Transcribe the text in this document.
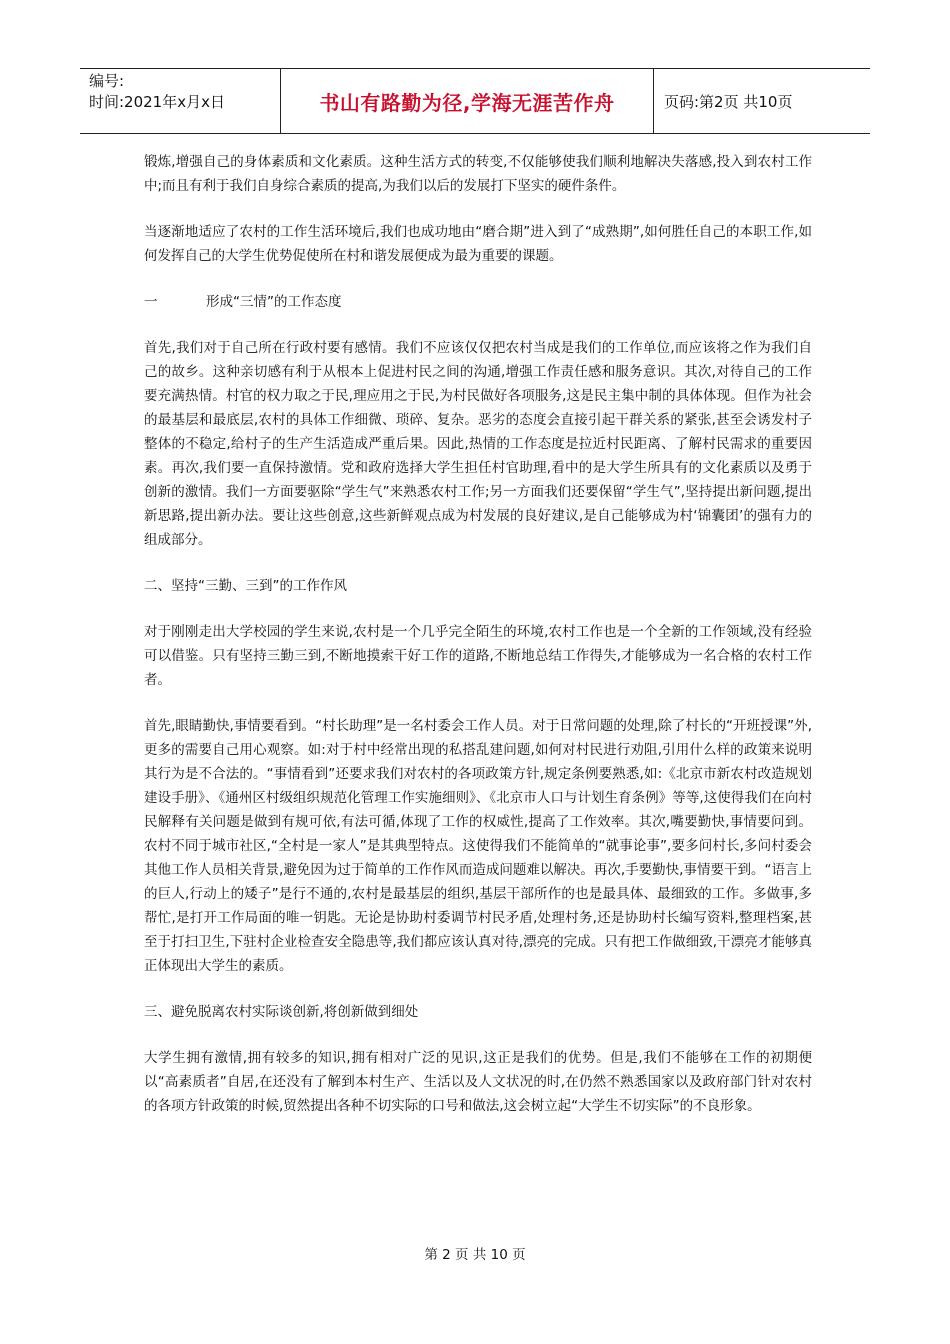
编号:
时间:2021年x月x日	书山有路勤为径,学海无涯苦作舟	页码:第2页 共10页

锻炼,增强自己的身体素质和文化素质。这种生活方式的转变,不仅能够使我们顺利地解决失落感,投入到农村工作中;而且有利于我们自身综合素质的提高,为我们以后的发展打下坚实的硬件条件。

当逐渐地适应了农村的工作生活环境后,我们也成功地由“磨合期”进入到了“成熟期”,如何胜任自己的本职工作,如何发挥自己的大学生优势促使所在村和谐发展便成为最为重要的课题。

一	形成“三情”的工作态度

首先,我们对于自己所在行政村要有感情。我们不应该仅仅把农村当成是我们的工作单位,而应该将之作为我们自己的故乡。这种亲切感有利于从根本上促进村民之间的沟通,增强工作责任感和服务意识。其次,对待自己的工作要充满热情。村官的权力取之于民,理应用之于民,为村民做好各项服务,这是民主集中制的具体体现。但作为社会的最基层和最底层,农村的具体工作细微、琐碎、复杂。恶劣的态度会直接引起干群关系的紧张,甚至会诱发村子整体的不稳定,给村子的生产生活造成严重后果。因此,热情的工作态度是拉近村民距离、了解村民需求的重要因素。再次,我们要一直保持激情。党和政府选择大学生担任村官助理,看中的是大学生所具有的文化素质以及勇于创新的激情。我们一方面要驱除“学生气”来熟悉农村工作;另一方面我们还要保留“学生气”,坚持提出新问题,提出新思路,提出新办法。要让这些创意,这些新鲜观点成为村发展的良好建议,是自己能够成为村‘锦囊团’的强有力的组成部分。

二、坚持“三勤、三到”的工作作风

对于刚刚走出大学校园的学生来说,农村是一个几乎完全陌生的环境,农村工作也是一个全新的工作领域,没有经验可以借鉴。只有坚持三勤三到,不断地摸索干好工作的道路,不断地总结工作得失,才能够成为一名合格的农村工作者。

首先,眼睛勤快,事情要看到。“村长助理”是一名村委会工作人员。对于日常问题的处理,除了村长的“开班授课”外,更多的需要自己用心观察。如:对于村中经常出现的私搭乱建问题,如何对村民进行劝阻,引用什么样的政策来说明其行为是不合法的。“事情看到”还要求我们对农村的各项政策方针,规定条例要熟悉,如:《北京市新农村改造规划建设手册》、《通州区村级组织规范化管理工作实施细则》、《北京市人口与计划生育条例》等等,这使得我们在向村民解释有关问题是做到有规可依,有法可循,体现了工作的权威性,提高了工作效率。其次,嘴要勤快,事情要问到。农村不同于城市社区,“全村是一家人”是其典型特点。这使得我们不能简单的“就事论事”,要多问村长,多问村委会其他工作人员相关背景,避免因为过于简单的工作作风而造成问题难以解决。再次,手要勤快,事情要干到。“语言上的巨人,行动上的矮子”是行不通的,农村是最基层的组织,基层干部所作的也是最具体、最细致的工作。多做事,多帮忙,是打开工作局面的唯一钥匙。无论是协助村委调节村民矛盾,处理村务,还是协助村长编写资料,整理档案,甚至于打扫卫生,下驻村企业检查安全隐患等,我们都应该认真对待,漂亮的完成。只有把工作做细致,干漂亮才能够真正体现出大学生的素质。

三、避免脱离农村实际谈创新,将创新做到细处

大学生拥有激情,拥有较多的知识,拥有相对广泛的见识,这正是我们的优势。但是,我们不能够在工作的初期便以“高素质者”自居,在还没有了解到本村生产、生活以及人文状况的时,在仍然不熟悉国家以及政府部门针对农村的各项方针政策的时候,贸然提出各种不切实际的口号和做法,这会树立起“大学生不切实际”的不良形象。

第 2 页 共 10 页
